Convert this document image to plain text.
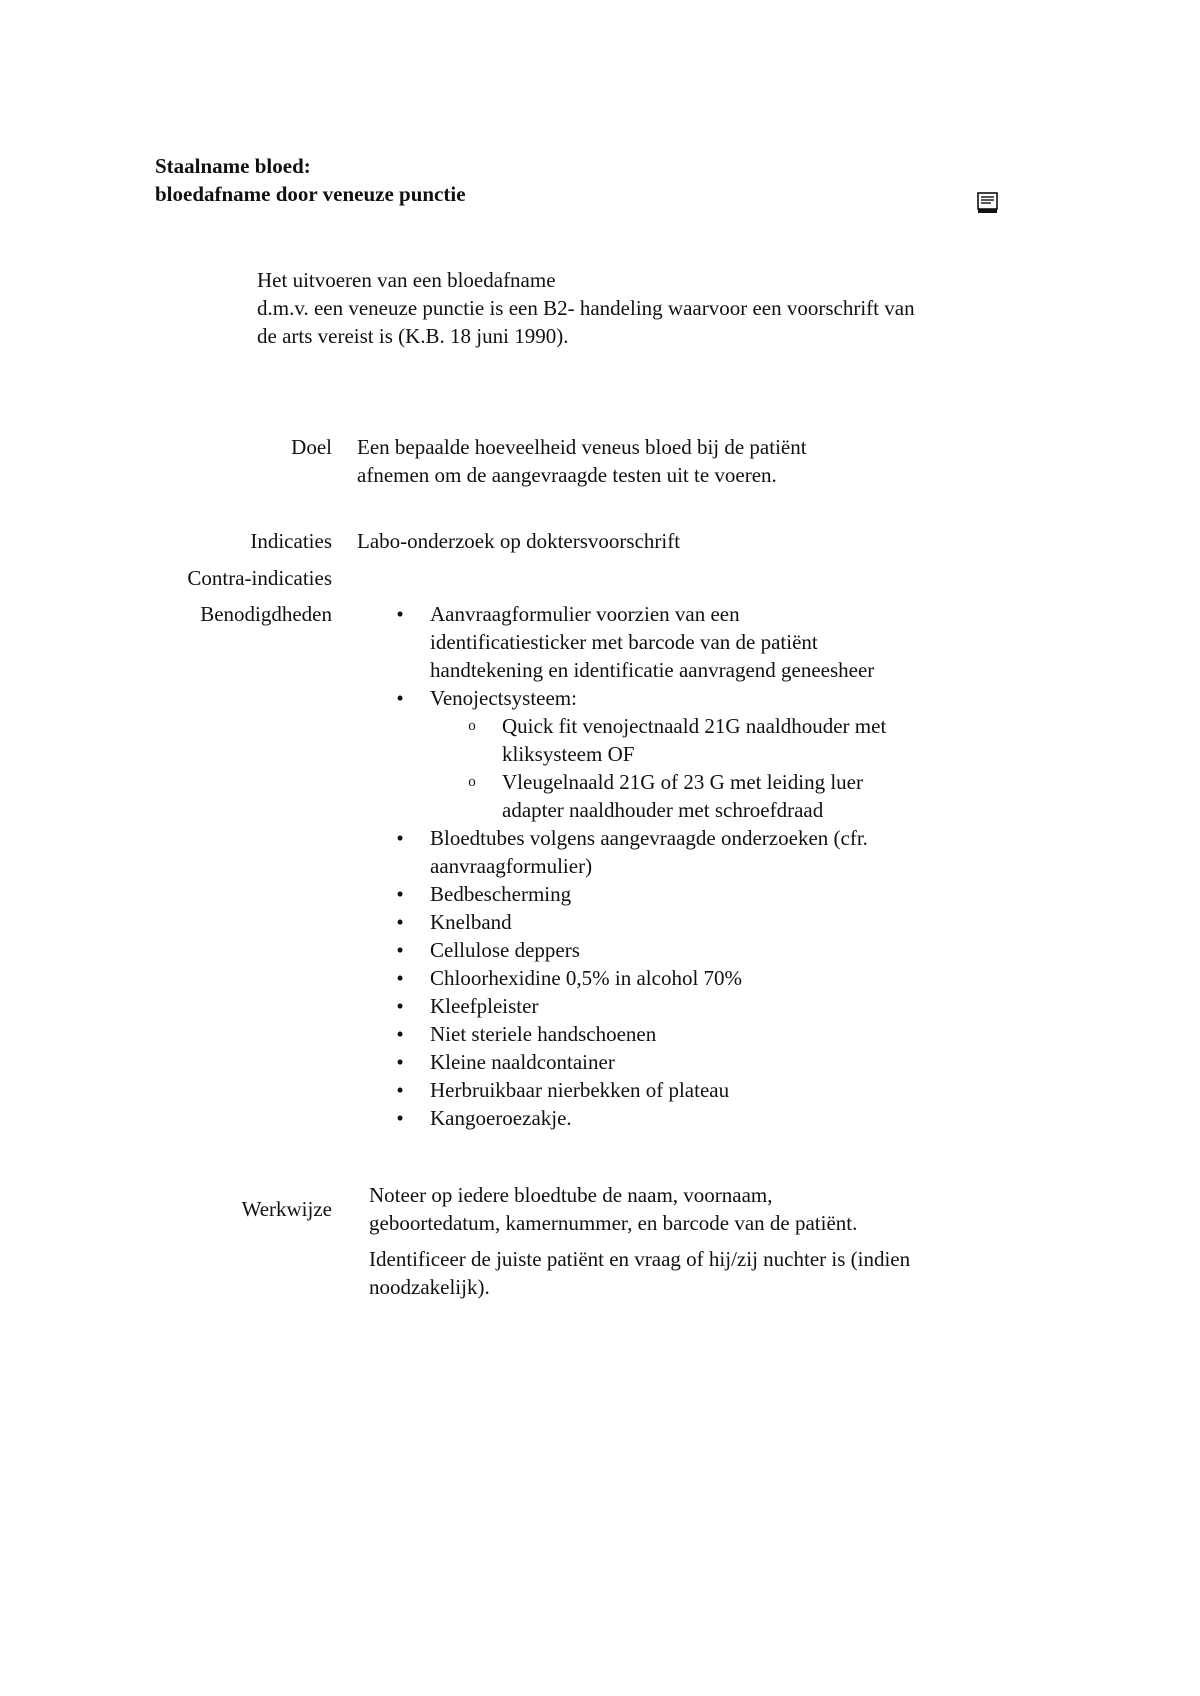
Staalname bloed:
bloedafname door veneuze punctie
Het uitvoeren van een bloedafname
d.m.v. een veneuze punctie is een B2- handeling waarvoor een voorschrift van
de arts vereist is (K.B. 18 juni 1990).
Doel Een bepaalde hoeveelheid veneus bloed bij de patiënt
afnemen om de aangevraagde testen uit te voeren.
Indicaties Labo-onderzoek op doktersvoorschrift
Contra-indicaties
Benodigdheden	• Aanvraagformulier voorzien van een
identificatiesticker met barcode van de patiënt
handtekening en identificatie aanvragend geneesheer
• Venojectsysteem:
o Quick fit venojectnaald 21G naaldhouder met
kliksysteem OF
o Vleugelnaald 21G of 23 G met leiding luer
adapter naaldhouder met schroefdraad
• Bloedtubes volgens aangevraagde onderzoeken (cfr.
aanvraagformulier)
• Bedbescherming
• Knelband
• Cellulose deppers
• Chloorhexidine 0,5% in alcohol 70%
• Kleefpleister
• Niet steriele handschoenen
• Kleine naaldcontainer
• Herbruikbaar nierbekken of plateau
• Kangoeroezakje.
Werkwijze
Noteer op iedere bloedtube de naam, voornaam,
geboortedatum, kamernummer, en barcode van de patiënt.
Identificeer de juiste patiënt en vraag of hij/zij nuchter is (indien
noodzakelijk).
